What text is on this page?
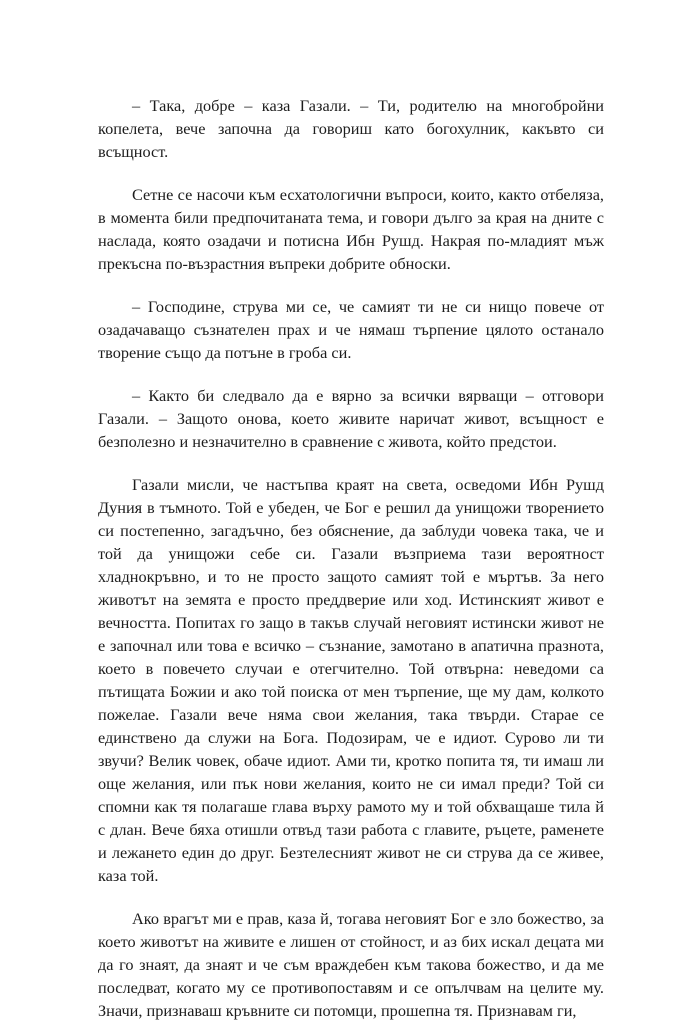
– Така, добре – каза Газали. – Ти, родителю на многобройни копелета, вече започна да говориш като богохулник, какъвто си всъщност.

Сетне се насочи към есхатологични въпроси, които, както отбеляза, в момента били предпочитаната тема, и говори дълго за края на дните с наслада, която озадачи и потисна Ибн Рушд. Накрая по-младият мъж прекъсна по-възрастния въпреки добрите обноски.

– Господине, струва ми се, че самият ти не си нищо повече от озадачаващо съзнателен прах и че нямаш търпение цялото останало творение също да потъне в гроба си.

– Както би следвало да е вярно за всички вярващи – отговори Газали. – Защото онова, което живите наричат живот, всъщност е безполезно и незначително в сравнение с живота, който предстои.

Газали мисли, че настъпва краят на света, осведоми Ибн Рушд Дуния в тъмното. Той е убеден, че Бог е решил да унищожи творението си постепенно, загадъчно, без обяснение, да заблуди човека така, че и той да унищожи себе си. Газали възприема тази вероятност хладнокръвно, и то не просто защото самият той е мъртъв. За него животът на земята е просто преддверие или ход. Истинският живот е вечността. Попитах го защо в такъв случай неговият истински живот не е започнал или това е всичко – съзнание, замотано в апатична празнота, което в повечето случаи е отегчително. Той отвърна: неведоми са пътищата Божии и ако той поиска от мен търпение, ще му дам, колкото пожелае. Газали вече няма свои желания, така твърди. Старае се единствено да служи на Бога. Подозирам, че е идиот. Сурово ли ти звучи? Велик човек, обаче идиот. Ами ти, кротко попита тя, ти имаш ли още желания, или пък нови желания, които не си имал преди? Той си спомни как тя полагаше глава върху рамото му и той обхващаше тила й с длан. Вече бяха отишли отвъд тази работа с главите, ръцете, раменете и лежането един до друг. Безтелесният живот не си струва да се живее, каза той.

Ако врагът ми е прав, каза й, тогава неговият Бог е зло божество, за което животът на живите е лишен от стойност, и аз бих искал децата ми да го знаят, да знаят и че съм враждебен към такова божество, и да ме последват, когато му се противопоставям и се опълчвам на целите му. Значи, признаваш кръвните си потомци, прошепна тя. Признавам ги,
